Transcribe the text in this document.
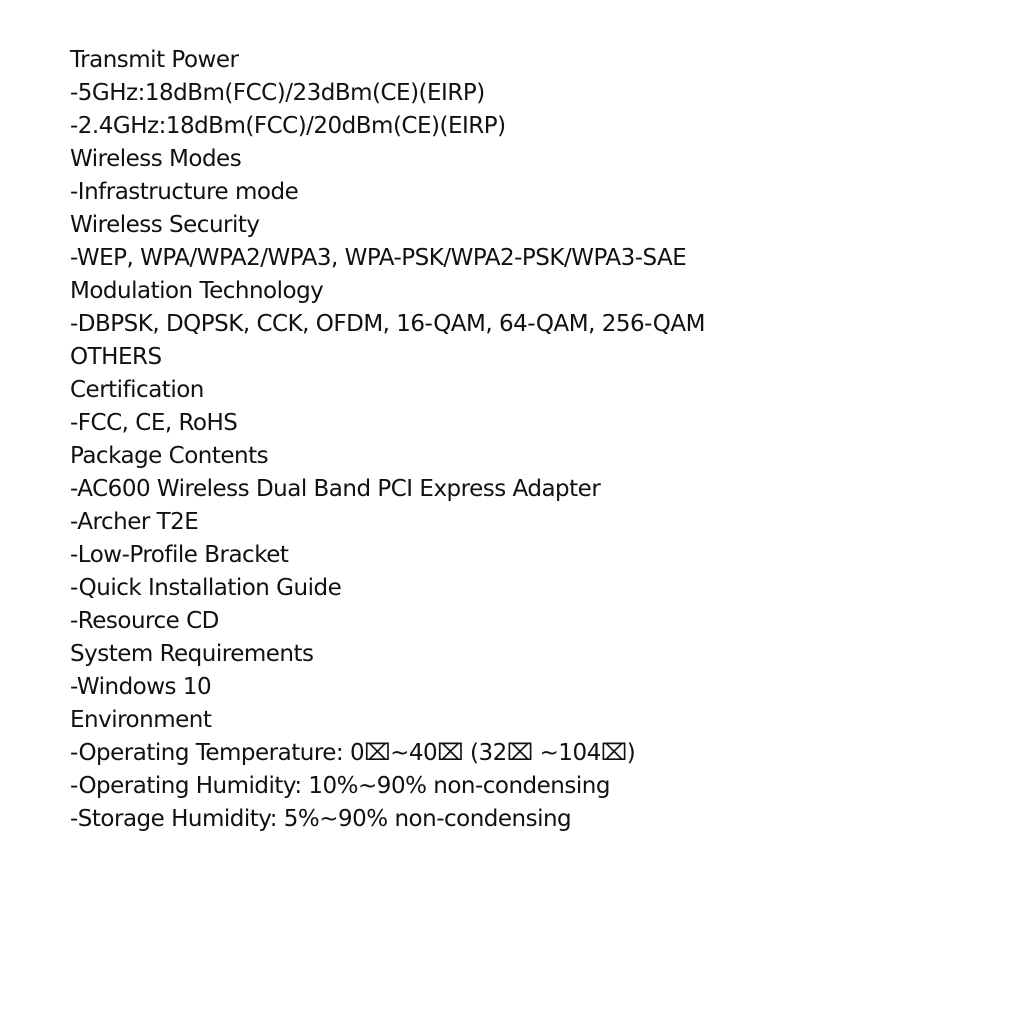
Transmit Power
-5GHz:18dBm(FCC)/23dBm(CE)(EIRP)
-2.4GHz:18dBm(FCC)/20dBm(CE)(EIRP)
Wireless Modes
-Infrastructure mode
Wireless Security
-WEP, WPA/WPA2/WPA3, WPA-PSK/WPA2-PSK/WPA3-SAE
Modulation Technology
-DBPSK, DQPSK, CCK, OFDM, 16-QAM, 64-QAM, 256-QAM
OTHERS
Certification
-FCC, CE, RoHS
Package Contents
-AC600 Wireless Dual Band PCI Express Adapter
-Archer T2E
-Low-Profile Bracket
-Quick Installation Guide
-Resource CD
System Requirements
-Windows 10
Environment
-Operating Temperature: 0⌧~40⌧ (32⌧ ~104⌧)
-Operating Humidity: 10%~90% non-condensing
-Storage Humidity: 5%~90% non-condensing
